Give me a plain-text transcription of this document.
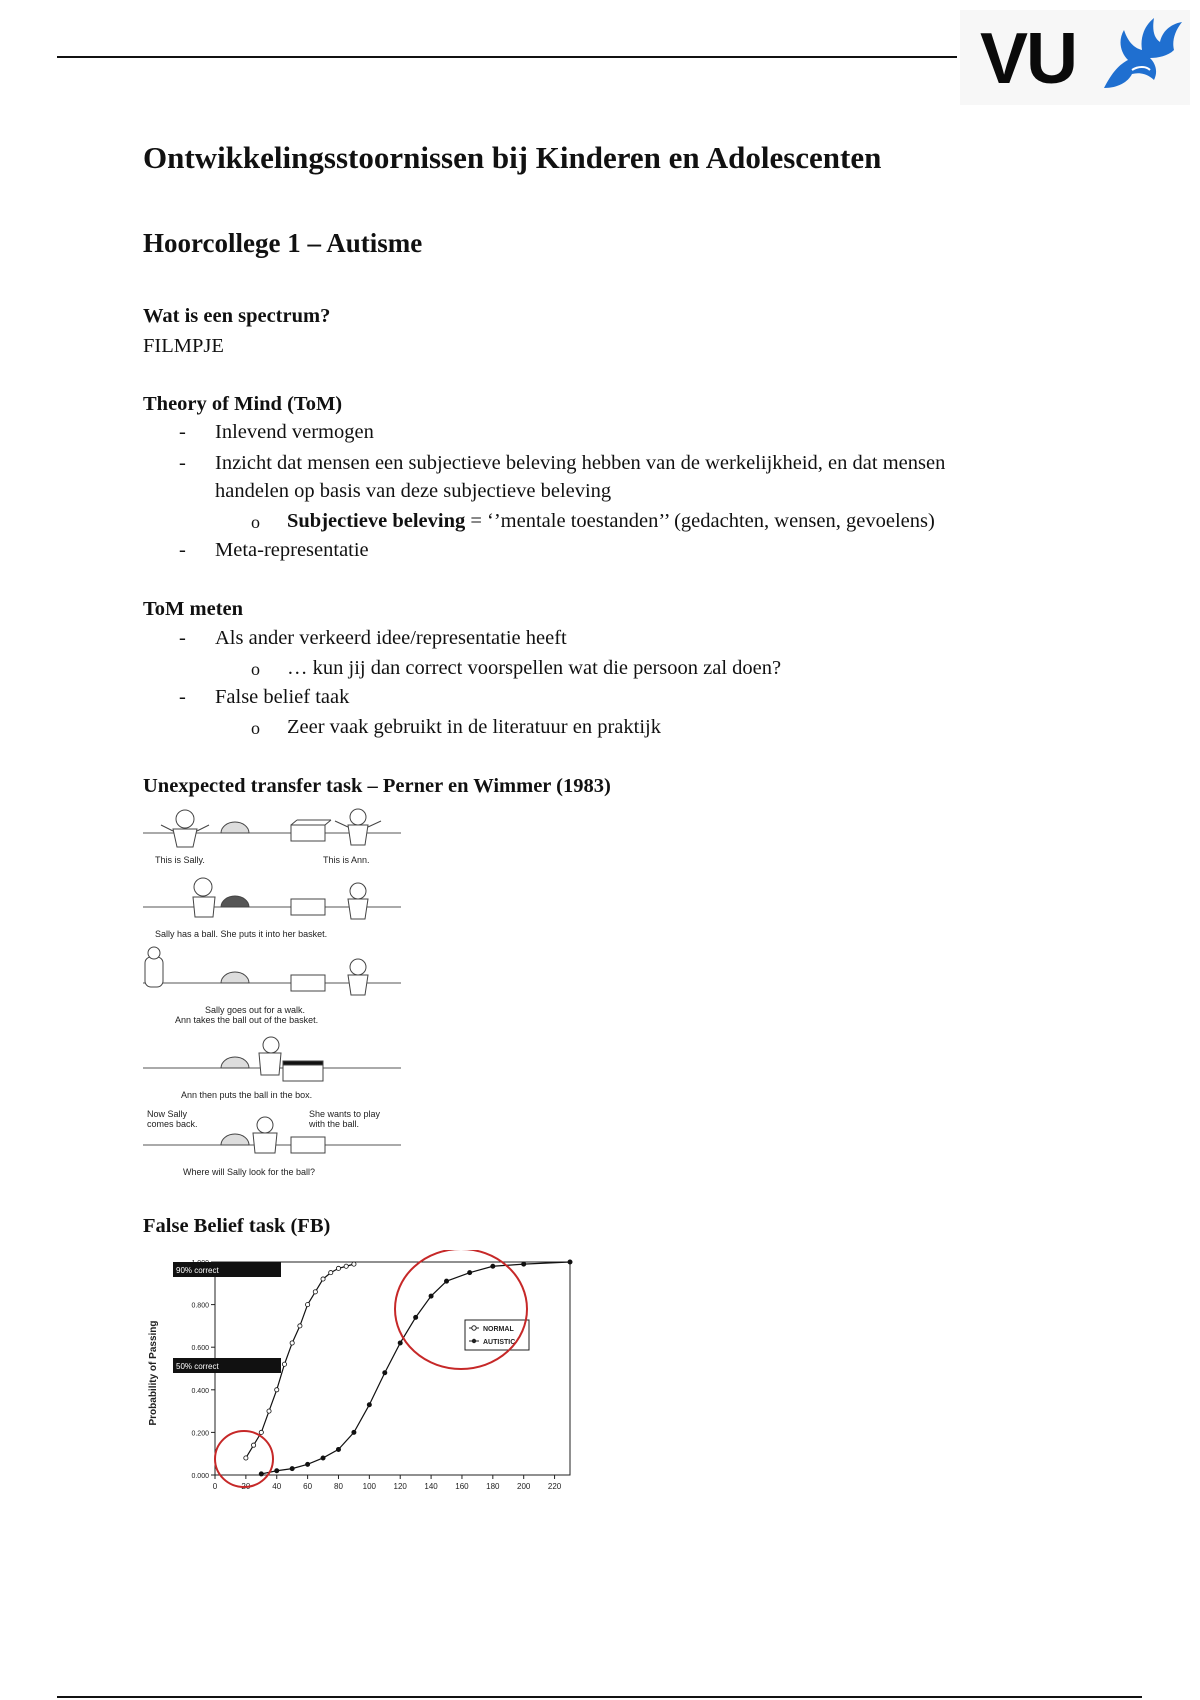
VU
Ontwikkelingsstoornissen bij Kinderen en Adolescenten
Hoorcollege 1 – Autisme
Wat is een spectrum?
FILMPJE
Theory of Mind (ToM)
- Inlevend vermogen
- Inzicht dat mensen een subjectieve beleving hebben van de werkelijkheid, en dat mensen
handelen op basis van deze subjectieve beleving
o Subjectieve beleving = ‘’mentale toestanden’’ (gedachten, wensen, gevoelens)
- Meta-representatie
ToM meten
- Als ander verkeerd idee/representatie heeft
o … kun jij dan correct voorspellen wat die persoon zal doen?
- False belief taak
o Zeer vaak gebruikt in de literatuur en praktijk
Unexpected transfer task – Perner en Wimmer (1983)
False Belief task (FB)
This is Sally.	This is Ann.
Sally has a ball. She puts it into her basket.
Sally goes out for a walk.
Ann takes the ball out of the basket.
Ann then puts the ball in the box.
Now Sally
comes back.
She wants to play
with the ball.
Where will Sally look for the ball?
Probability of Passing
0	20	40	60	80 100 120 140 160 180 200 220
0.000
0.200
0.400
0.600
0.800
90% correct
50% correct
NORMAL
AUTISTIC
